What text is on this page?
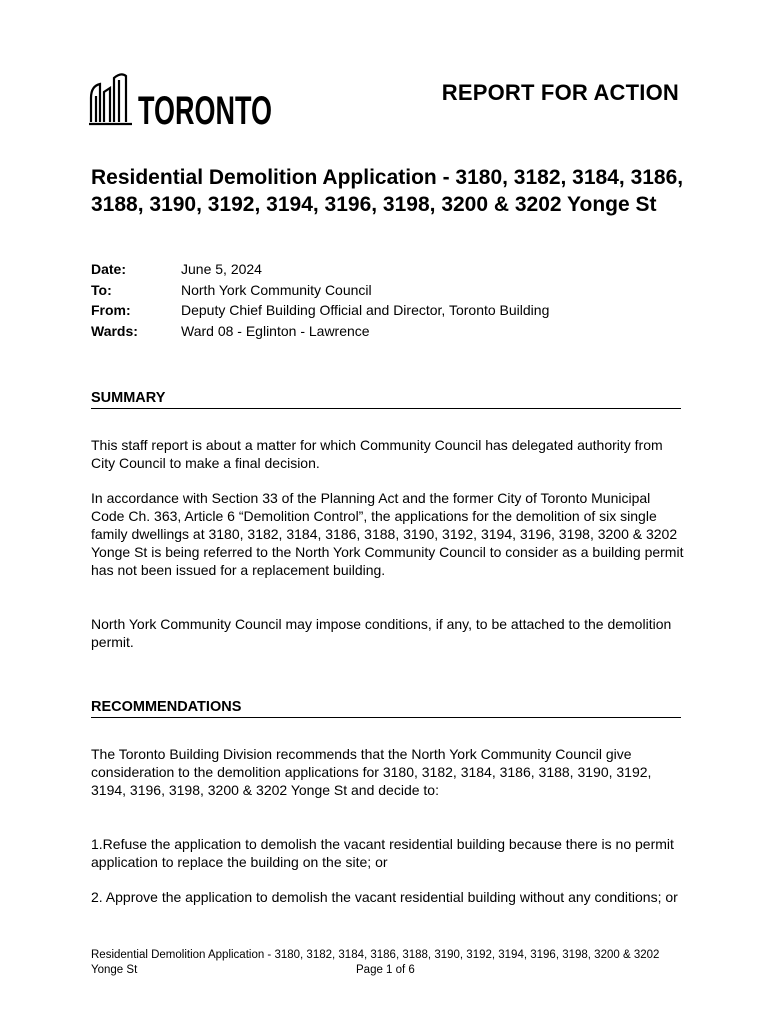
TORONTO	REPORT FOR ACTION
Residential Demolition Application - 3180, 3182, 3184, 3186, 3188, 3190, 3192, 3194, 3196, 3198, 3200 & 3202 Yonge St
Date:	June 5, 2024
To:	North York Community Council
From:	Deputy Chief Building Official and Director, Toronto Building
Wards:	Ward 08 - Eglinton - Lawrence
SUMMARY

This staff report is about a matter for which Community Council has delegated authority from City Council to make a final decision.

In accordance with Section 33 of the Planning Act and the former City of Toronto Municipal Code Ch. 363, Article 6 “Demolition Control”, the applications for the demolition of six single family dwellings at 3180, 3182, 3184, 3186, 3188, 3190, 3192, 3194, 3196, 3198, 3200 & 3202 Yonge St is being referred to the North York Community Council to consider as a building permit has not been issued for a replacement building.

North York Community Council may impose conditions, if any, to be attached to the demolition permit.

RECOMMENDATIONS

The Toronto Building Division recommends that the North York Community Council give consideration to the demolition applications for 3180, 3182, 3184, 3186, 3188, 3190, 3192, 3194, 3196, 3198, 3200 & 3202 Yonge St and decide to:

1.Refuse the application to demolish the vacant residential building because there is no permit application to replace the building on the site; or

2. Approve the application to demolish the vacant residential building without any conditions; or

Residential Demolition Application - 3180, 3182, 3184, 3186, 3188, 3190, 3192, 3194, 3196, 3198, 3200 & 3202 Yonge St	Page 1 of 6
